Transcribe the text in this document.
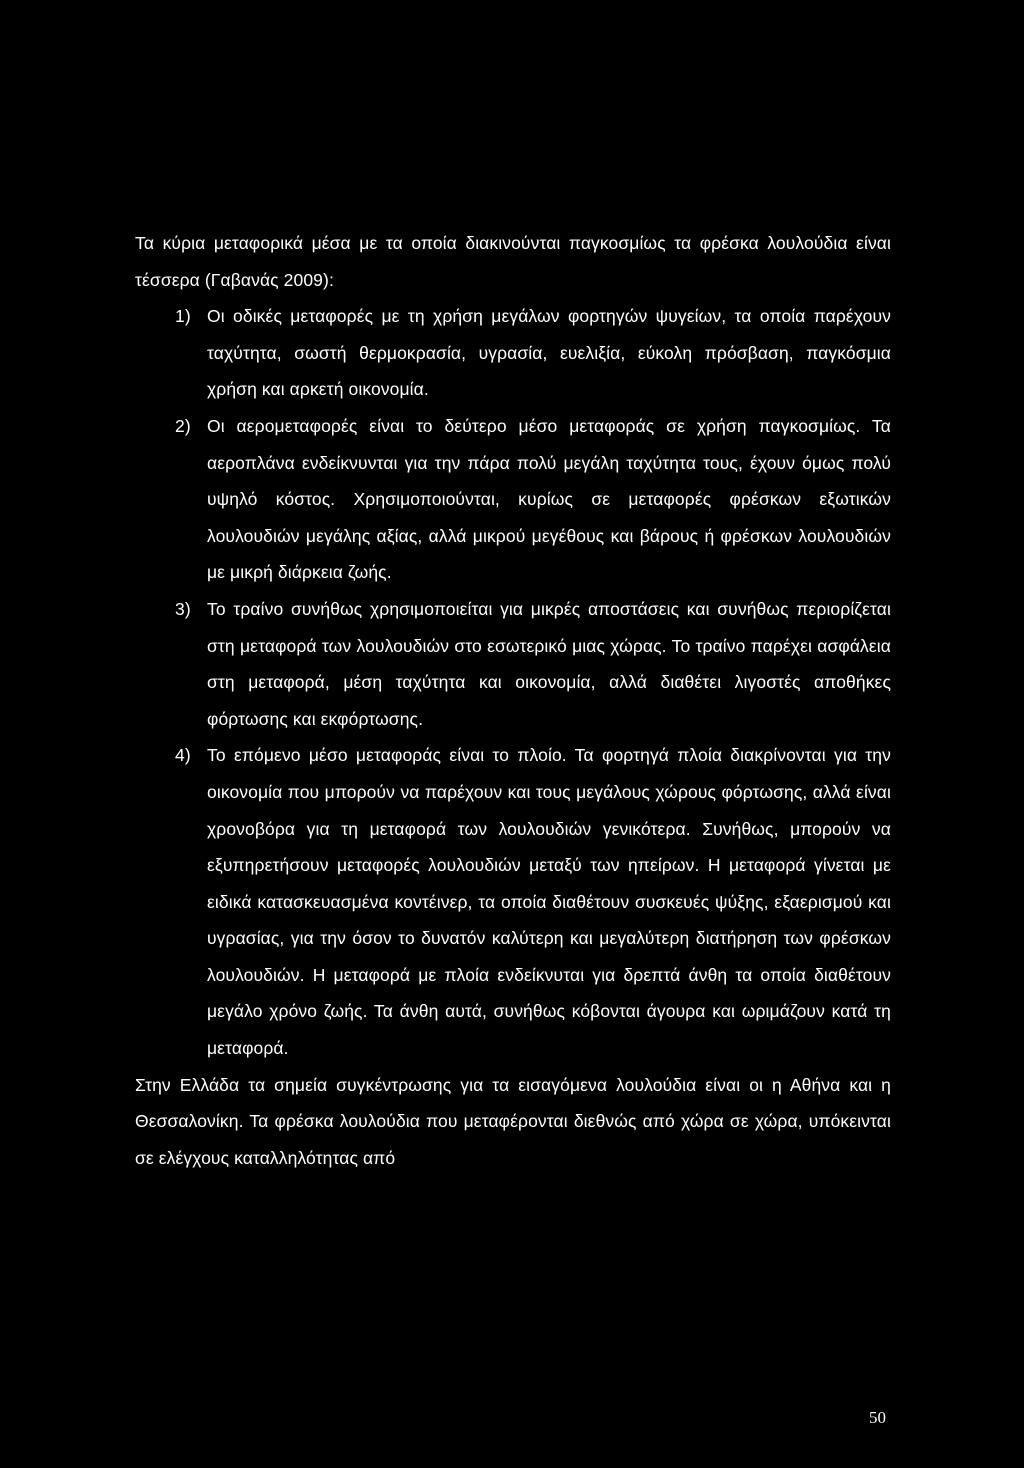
Τα κύρια μεταφορικά μέσα με τα οποία διακινούνται παγκοσμίως τα φρέσκα λουλούδια είναι τέσσερα (Γαβανάς 2009):

1) Οι οδικές μεταφορές με τη χρήση μεγάλων φορτηγών ψυγείων, τα οποία παρέχουν ταχύτητα, σωστή θερμοκρασία, υγρασία, ευελιξία, εύκολη πρόσβαση, παγκόσμια χρήση και αρκετή οικονομία.
2) Οι αερομεταφορές είναι το δεύτερο μέσο μεταφοράς σε χρήση παγκοσμίως. Τα αεροπλάνα ενδείκνυνται για την πάρα πολύ μεγάλη ταχύτητα τους, έχουν όμως πολύ υψηλό κόστος. Χρησιμοποιούνται, κυρίως σε μεταφορές φρέσκων εξωτικών λουλουδιών μεγάλης αξίας, αλλά μικρού μεγέθους και βάρους ή φρέσκων λουλουδιών με μικρή διάρκεια ζωής.
3) Το τραίνο συνήθως χρησιμοποιείται για μικρές αποστάσεις και συνήθως περιορίζεται στη μεταφορά των λουλουδιών στο εσωτερικό μιας χώρας. Το τραίνο παρέχει ασφάλεια στη μεταφορά, μέση ταχύτητα και οικονομία, αλλά διαθέτει λιγοστές αποθήκες φόρτωσης και εκφόρτωσης.
4) Το επόμενο μέσο μεταφοράς είναι το πλοίο. Τα φορτηγά πλοία διακρίνονται για την οικονομία που μπορούν να παρέχουν και τους μεγάλους χώρους φόρτωσης, αλλά είναι χρονοβόρα για τη μεταφορά των λουλουδιών γενικότερα. Συνήθως, μπορούν να εξυπηρετήσουν μεταφορές λουλουδιών μεταξύ των ηπείρων. Η μεταφορά γίνεται με ειδικά κατασκευασμένα κοντέινερ, τα οποία διαθέτουν συσκευές ψύξης, εξαερισμού και υγρασίας, για την όσον το δυνατόν καλύτερη και μεγαλύτερη διατήρηση των φρέσκων λουλουδιών. Η μεταφορά με πλοία ενδείκνυται για δρεπτά άνθη τα οποία διαθέτουν μεγάλο χρόνο ζωής. Τα άνθη αυτά, συνήθως κόβονται άγουρα και ωριμάζουν κατά τη μεταφορά.

Στην Ελλάδα τα σημεία συγκέντρωσης για τα εισαγόμενα λουλούδια είναι οι η Αθήνα και η Θεσσαλονίκη. Τα φρέσκα λουλούδια που μεταφέρονται διεθνώς από χώρα σε χώρα, υπόκεινται σε ελέγχους καταλληλότητας από

50
